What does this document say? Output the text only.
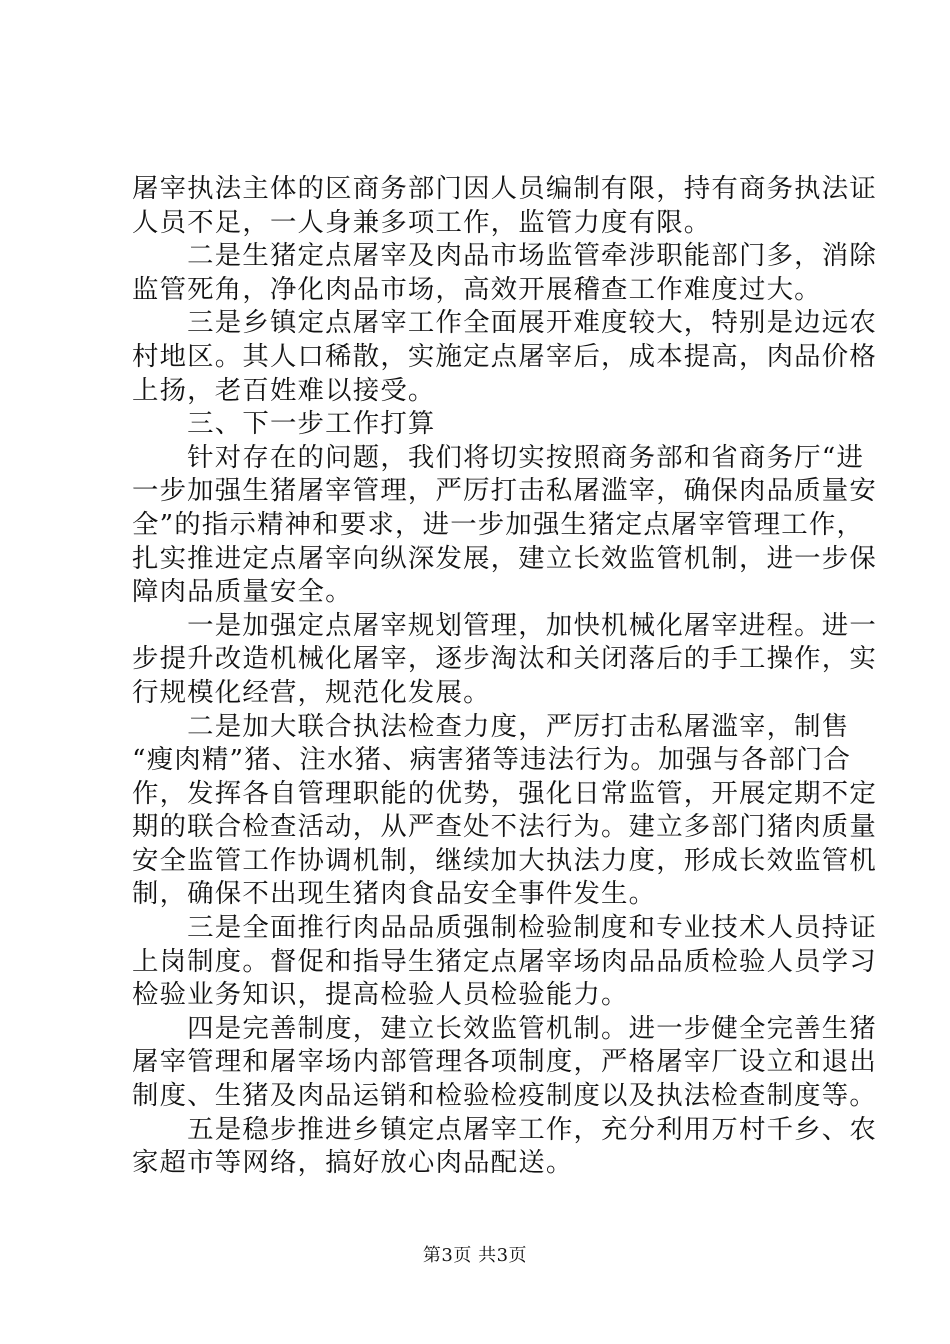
屠宰执法主体的区商务部门因人员编制有限，持有商务执法证
人员不足，一人身兼多项工作，监管力度有限。
　　二是生猪定点屠宰及肉品市场监管牵涉职能部门多，消除
监管死角，净化肉品市场，高效开展稽查工作难度过大。
　　三是乡镇定点屠宰工作全面展开难度较大，特别是边远农
村地区。其人口稀散，实施定点屠宰后，成本提高，肉品价格
上扬，老百姓难以接受。
　　三、下一步工作打算
　　针对存在的问题，我们将切实按照商务部和省商务厅“进
一步加强生猪屠宰管理，严厉打击私屠滥宰，确保肉品质量安
全”的指示精神和要求，进一步加强生猪定点屠宰管理工作，
扎实推进定点屠宰向纵深发展，建立长效监管机制，进一步保
障肉品质量安全。
　　一是加强定点屠宰规划管理，加快机械化屠宰进程。进一
步提升改造机械化屠宰，逐步淘汰和关闭落后的手工操作，实
行规模化经营，规范化发展。
　　二是加大联合执法检查力度，严厉打击私屠滥宰，制售
“瘦肉精”猪、注水猪、病害猪等违法行为。加强与各部门合
作，发挥各自管理职能的优势，强化日常监管，开展定期不定
期的联合检查活动，从严查处不法行为。建立多部门猪肉质量
安全监管工作协调机制，继续加大执法力度，形成长效监管机
制，确保不出现生猪肉食品安全事件发生。
　　三是全面推行肉品品质强制检验制度和专业技术人员持证
上岗制度。督促和指导生猪定点屠宰场肉品品质检验人员学习
检验业务知识，提高检验人员检验能力。
　　四是完善制度，建立长效监管机制。进一步健全完善生猪
屠宰管理和屠宰场内部管理各项制度，严格屠宰厂设立和退出
制度、生猪及肉品运销和检验检疫制度以及执法检查制度等。
　　五是稳步推进乡镇定点屠宰工作，充分利用万村千乡、农
家超市等网络，搞好放心肉品配送。
第3页 共3页
